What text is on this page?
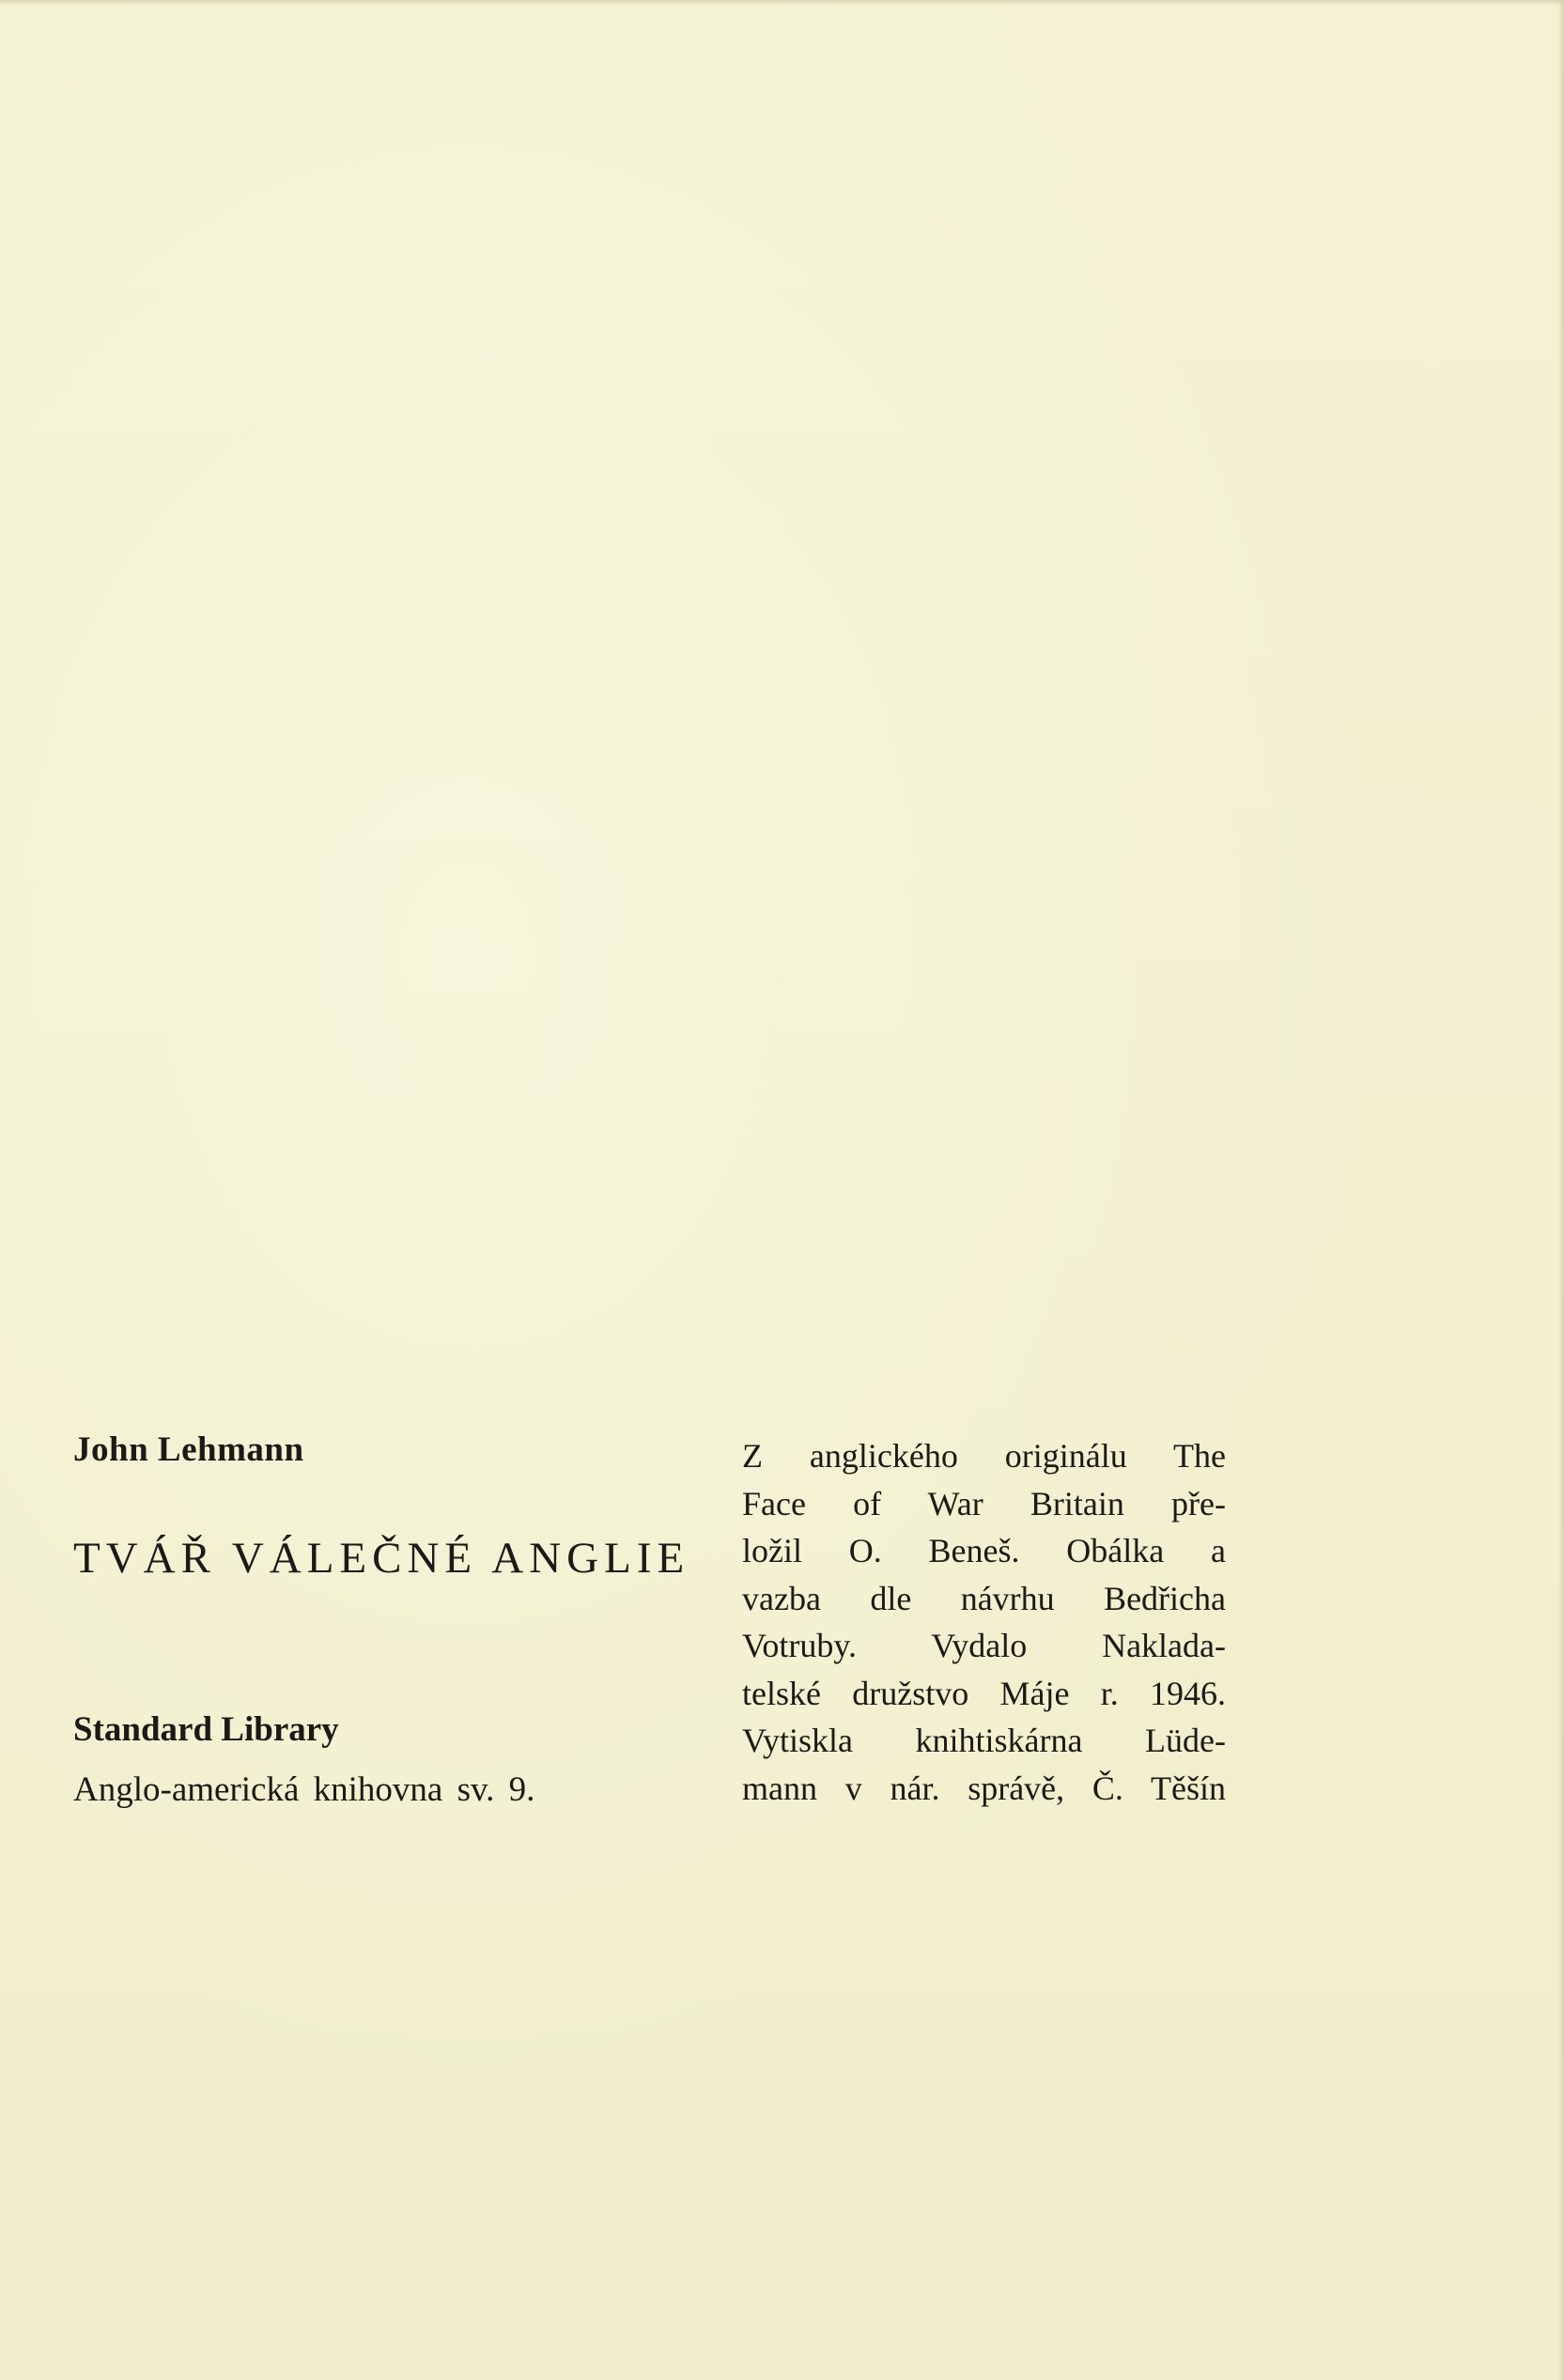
John Lehmann
TVÁŘ VÁLEČNÉ ANGLIE
Standard Library
Anglo-americká knihovna sv. 9.
Z anglického originálu The
Face of War Britain pře-
ložil O. Beneš. Obálka a
vazba dle návrhu Bedřicha
Votruby. Vydalo Naklada-
telské družstvo Máje r. 1946.
Vytiskla knihtiskárna Lüde-
mann v nár. správě, Č. Těšín
